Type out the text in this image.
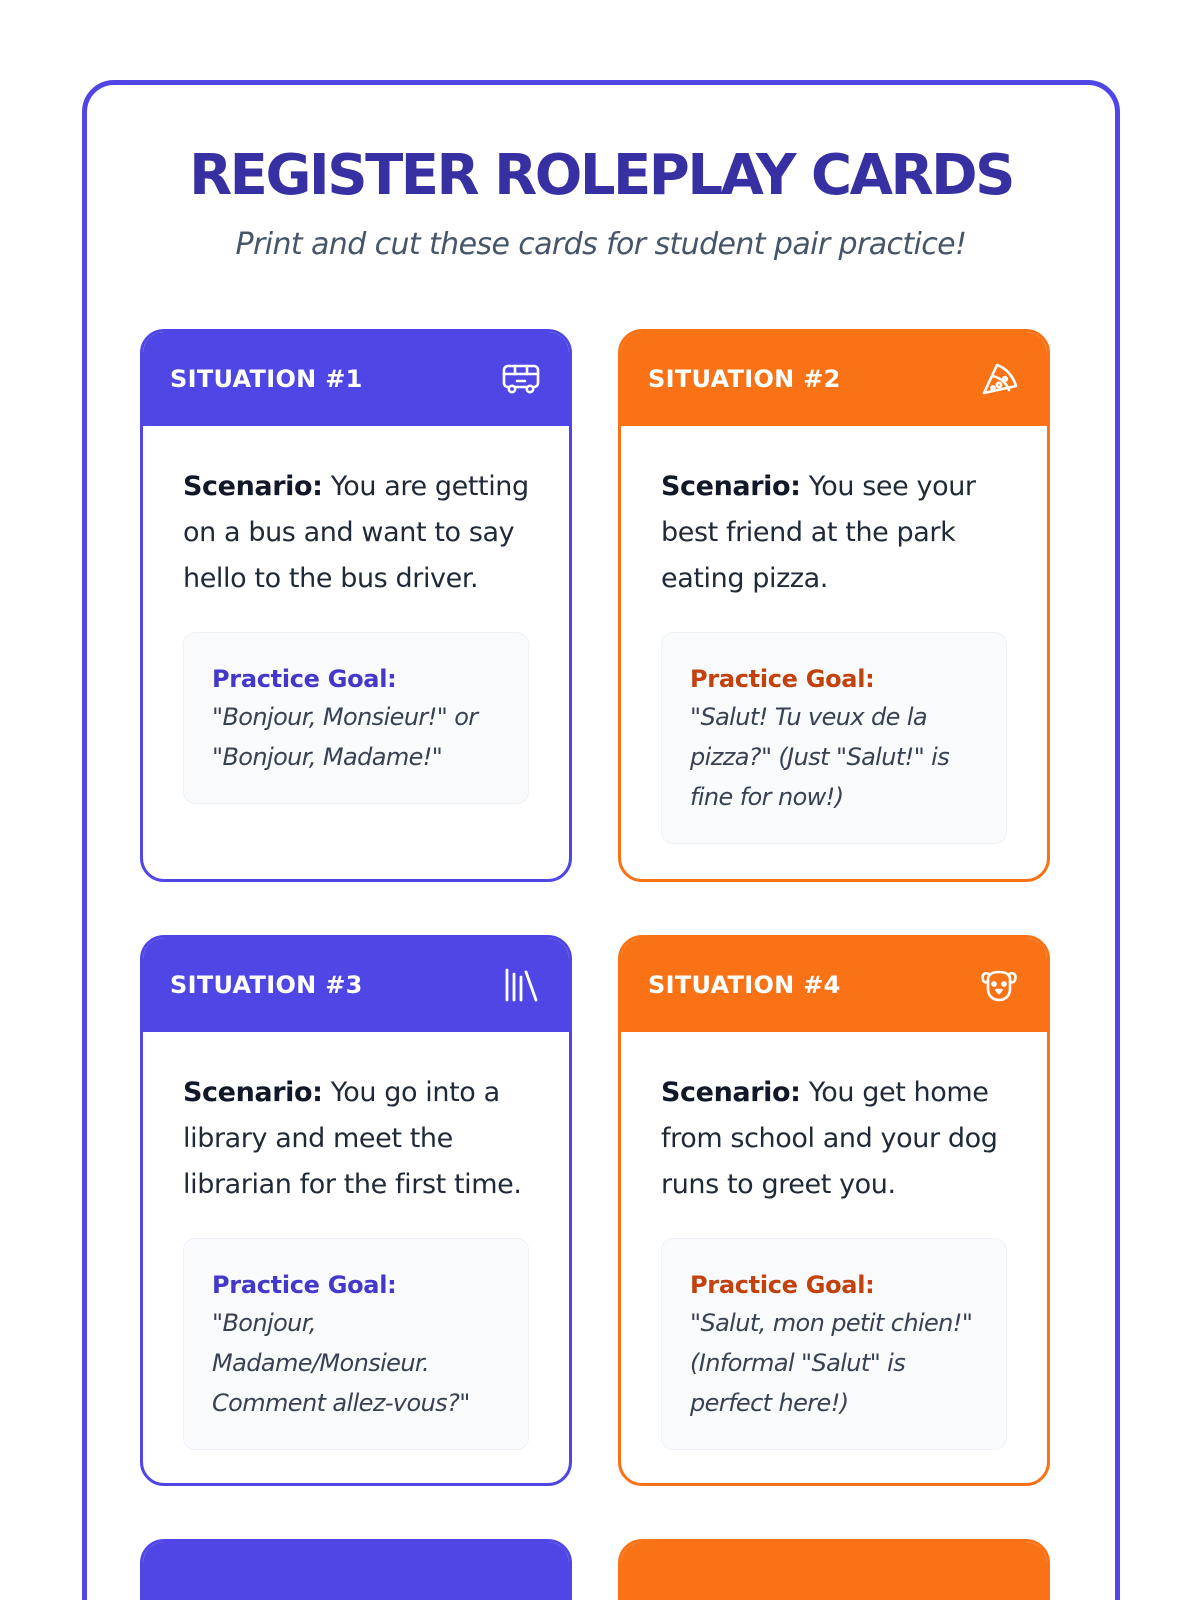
REGISTER ROLEPLAY CARDS

Print and cut these cards for student pair practice!

SITUATION #1

Scenario: You are getting on a bus and want to say hello to the bus driver.

Practice Goal:
"Bonjour, Monsieur!" or "Bonjour, Madame!"
SITUATION #2

Scenario: You see your best friend at the park eating pizza.

Practice Goal:
"Salut! Tu veux de la pizza?" (Just "Salut!" is fine for now!)
SITUATION #3

Scenario: You go into a library and meet the librarian for the first time.

Practice Goal:
"Bonjour, Madame/Monsieur. Comment allez-vous?"
SITUATION #4

Scenario: You get home from school and your dog runs to greet you.

Practice Goal:
"Salut, mon petit chien!" (Informal "Salut" is perfect here!)
